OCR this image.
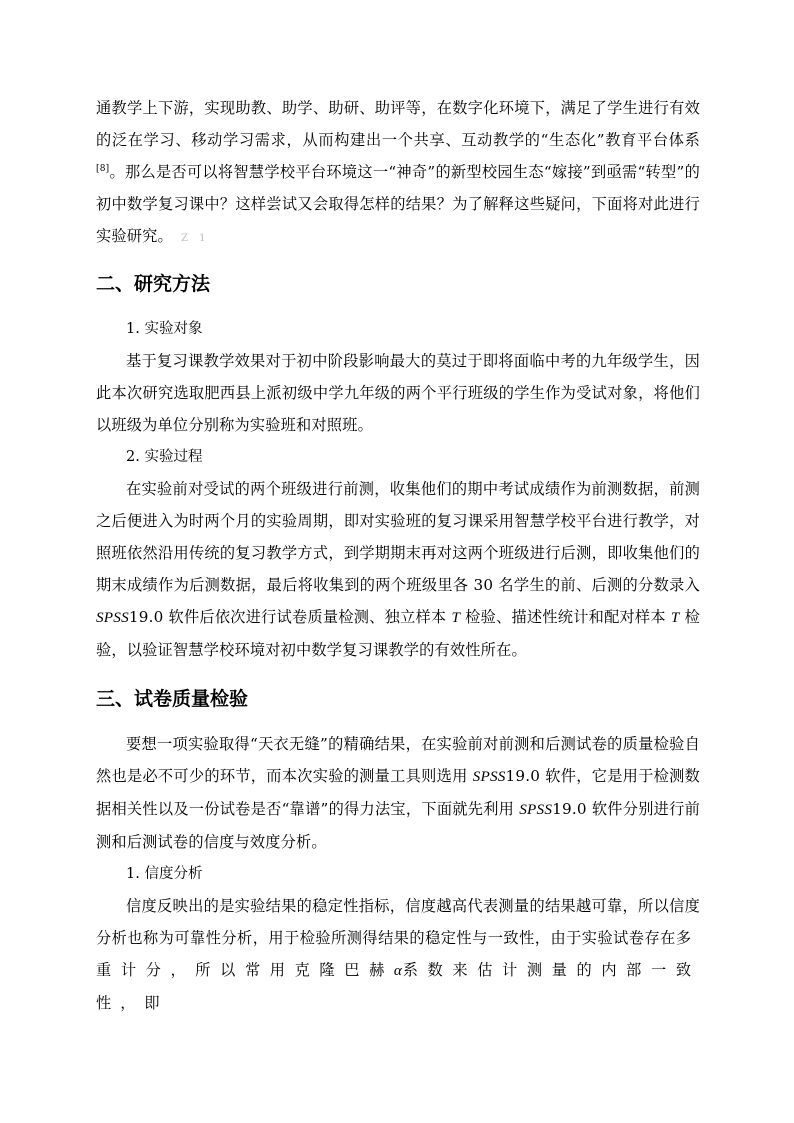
通教学上下游，实现助教、助学、助研、助评等，在数字化环境下，满足了学生进行有效的泛在学习、移动学习需求，从而构建出一个共享、互动教学的“生态化”教育平台体系[8]。那么是否可以将智慧学校平台环境这一“神奇”的新型校园生态“嫁接”到亟需“转型”的初中数学复习课中？这样尝试又会取得怎样的结果？为了解释这些疑问，下面将对此进行实验研究。 Z 1

二、研究方法
1. 实验对象

基于复习课教学效果对于初中阶段影响最大的莫过于即将面临中考的九年级学生，因此本次研究选取肥西县上派初级中学九年级的两个平行班级的学生作为受试对象，将他们以班级为单位分别称为实验班和对照班。

2. 实验过程

在实验前对受试的两个班级进行前测，收集他们的期中考试成绩作为前测数据，前测之后便进入为时两个月的实验周期，即对实验班的复习课采用智慧学校平台进行教学，对照班依然沿用传统的复习教学方式，到学期期末再对这两个班级进行后测，即收集他们的期末成绩作为后测数据，最后将收集到的两个班级里各 30 名学生的前、后测的分数录入 SPSS19.0 软件后依次进行试卷质量检测、独立样本 T 检验、描述性统计和配对样本 T 检验，以验证智慧学校环境对初中数学复习课教学的有效性所在。

三、试卷质量检验

要想一项实验取得“天衣无缝”的精确结果，在实验前对前测和后测试卷的质量检验自然也是必不可少的环节，而本次实验的测量工具则选用 SPSS19.0 软件，它是用于检测数据相关性以及一份试卷是否“靠谱”的得力法宝，下面就先利用 SPSS19.0 软件分别进行前测和后测试卷的信度与效度分析。

1. 信度分析

信度反映出的是实验结果的稳定性指标，信度越高代表测量的结果越可靠，所以信度分析也称为可靠性分析，用于检验所测得结果的稳定性与一致性，由于实验试卷存在多重计分，所以常用克隆巴赫α系数来估计测量的内部一致性，即
